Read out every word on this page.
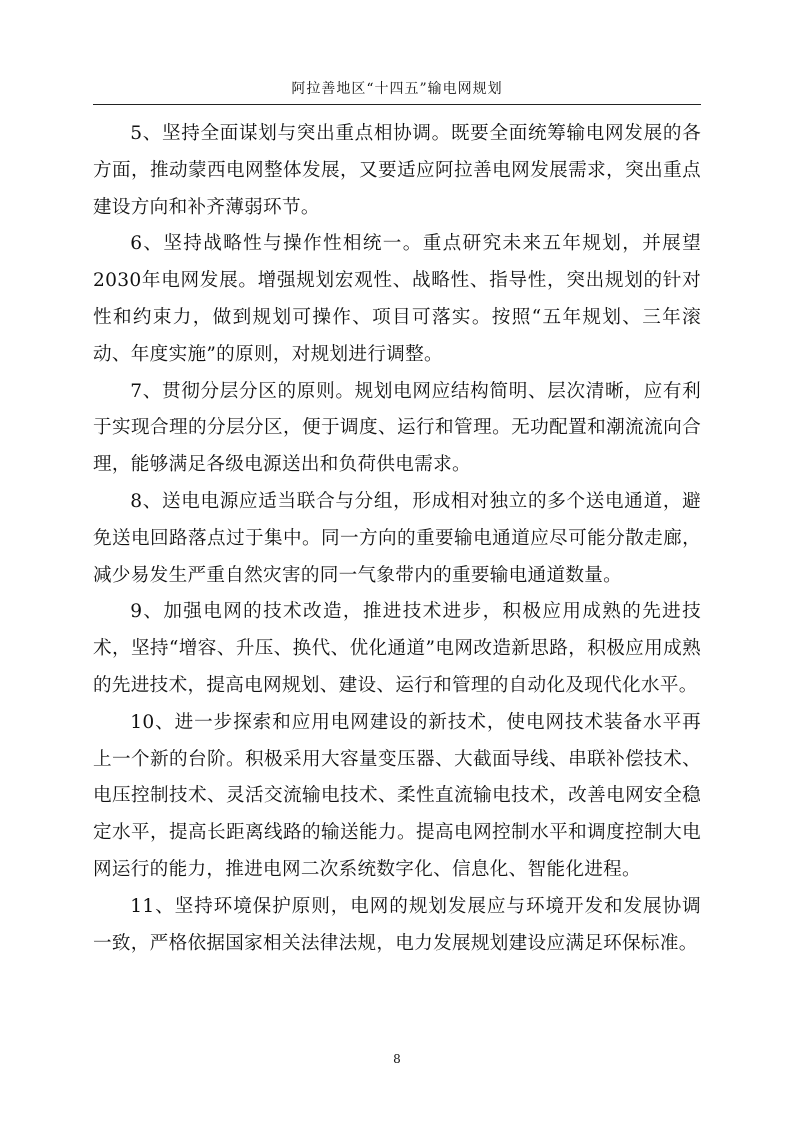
阿拉善地区“十四五”输电网规划

5、坚持全面谋划与突出重点相协调。既要全面统筹输电网发展的各方面，推动蒙西电网整体发展，又要适应阿拉善电网发展需求，突出重点建设方向和补齐薄弱环节。

6、坚持战略性与操作性相统一。重点研究未来五年规划，并展望2030年电网发展。增强规划宏观性、战略性、指导性，突出规划的针对性和约束力，做到规划可操作、项目可落实。按照“五年规划、三年滚动、年度实施”的原则，对规划进行调整。

7、贯彻分层分区的原则。规划电网应结构简明、层次清晰，应有利于实现合理的分层分区，便于调度、运行和管理。无功配置和潮流流向合理，能够满足各级电源送出和负荷供电需求。

8、送电电源应适当联合与分组，形成相对独立的多个送电通道，避免送电回路落点过于集中。同一方向的重要输电通道应尽可能分散走廊，减少易发生严重自然灾害的同一气象带内的重要输电通道数量。

9、加强电网的技术改造，推进技术进步，积极应用成熟的先进技术，坚持“增容、升压、换代、优化通道”电网改造新思路，积极应用成熟的先进技术，提高电网规划、建设、运行和管理的自动化及现代化水平。

10、进一步探索和应用电网建设的新技术，使电网技术装备水平再上一个新的台阶。积极采用大容量变压器、大截面导线、串联补偿技术、电压控制技术、灵活交流输电技术、柔性直流输电技术，改善电网安全稳定水平，提高长距离线路的输送能力。提高电网控制水平和调度控制大电网运行的能力，推进电网二次系统数字化、信息化、智能化进程。

11、坚持环境保护原则，电网的规划发展应与环境开发和发展协调一致，严格依据国家相关法律法规，电力发展规划建设应满足环保标准。

8
